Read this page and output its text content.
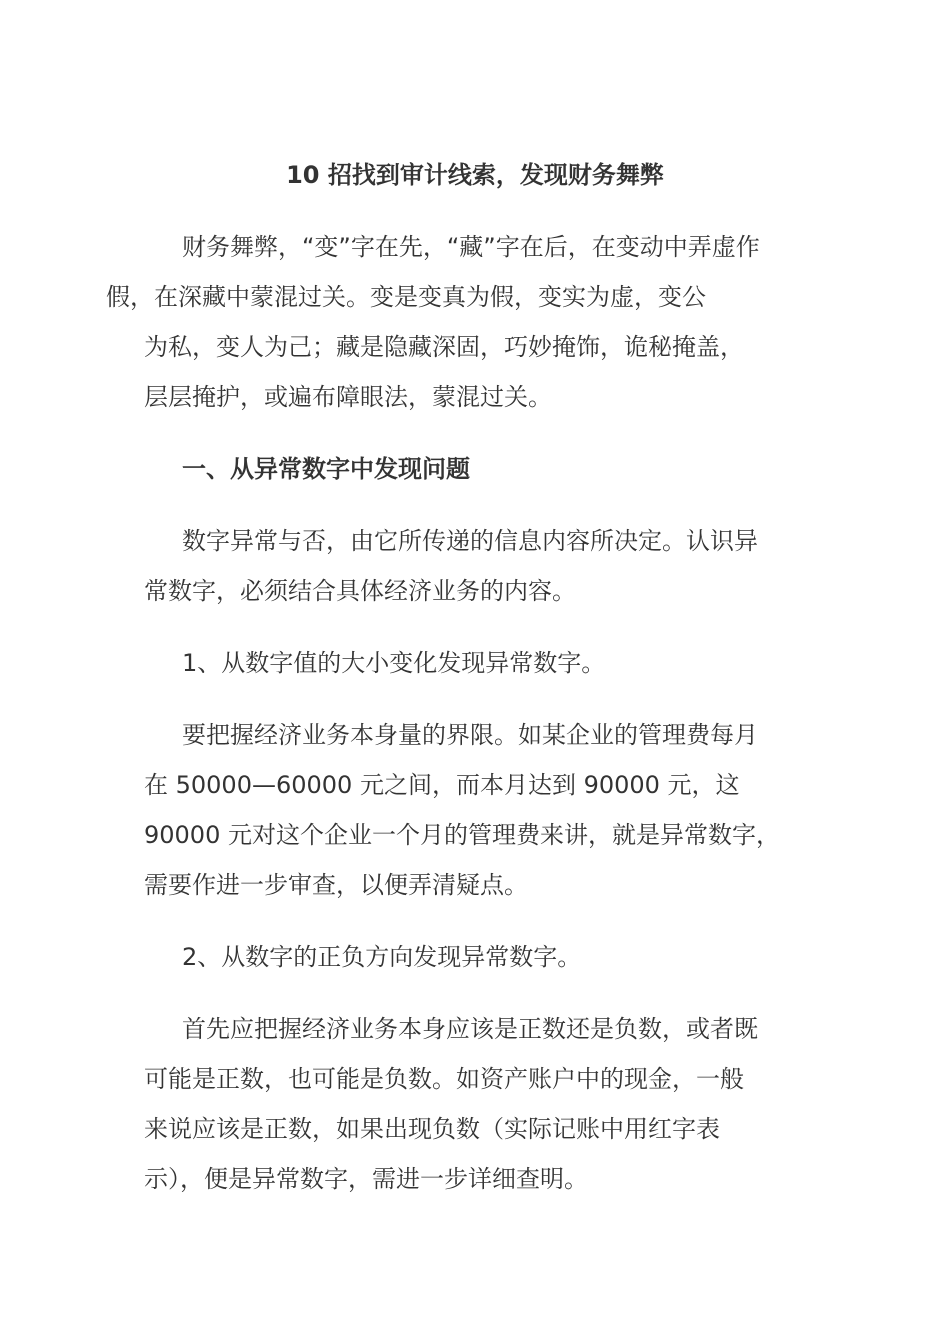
10 招找到审计线索，发现财务舞弊

财务舞弊，“变”字在先，“藏”字在后，在变动中弄虚作
假，在深藏中蒙混过关。变是变真为假，变实为虚，变公
为私，变人为己；藏是隐藏深固，巧妙掩饰，诡秘掩盖，
层层掩护，或遍布障眼法，蒙混过关。

一、从异常数字中发现问题

数字异常与否，由它所传递的信息内容所决定。认识异
常数字，必须结合具体经济业务的内容。

1、从数字值的大小变化发现异常数字。

要把握经济业务本身量的界限。如某企业的管理费每月
在 50000—60000 元之间，而本月达到 90000 元，这
90000 元对这个企业一个月的管理费来讲，就是异常数字，
需要作进一步审查，以便弄清疑点。

2、从数字的正负方向发现异常数字。

首先应把握经济业务本身应该是正数还是负数，或者既
可能是正数，也可能是负数。如资产账户中的现金，一般
来说应该是正数，如果出现负数（实际记账中用红字表
示），便是异常数字，需进一步详细查明。
